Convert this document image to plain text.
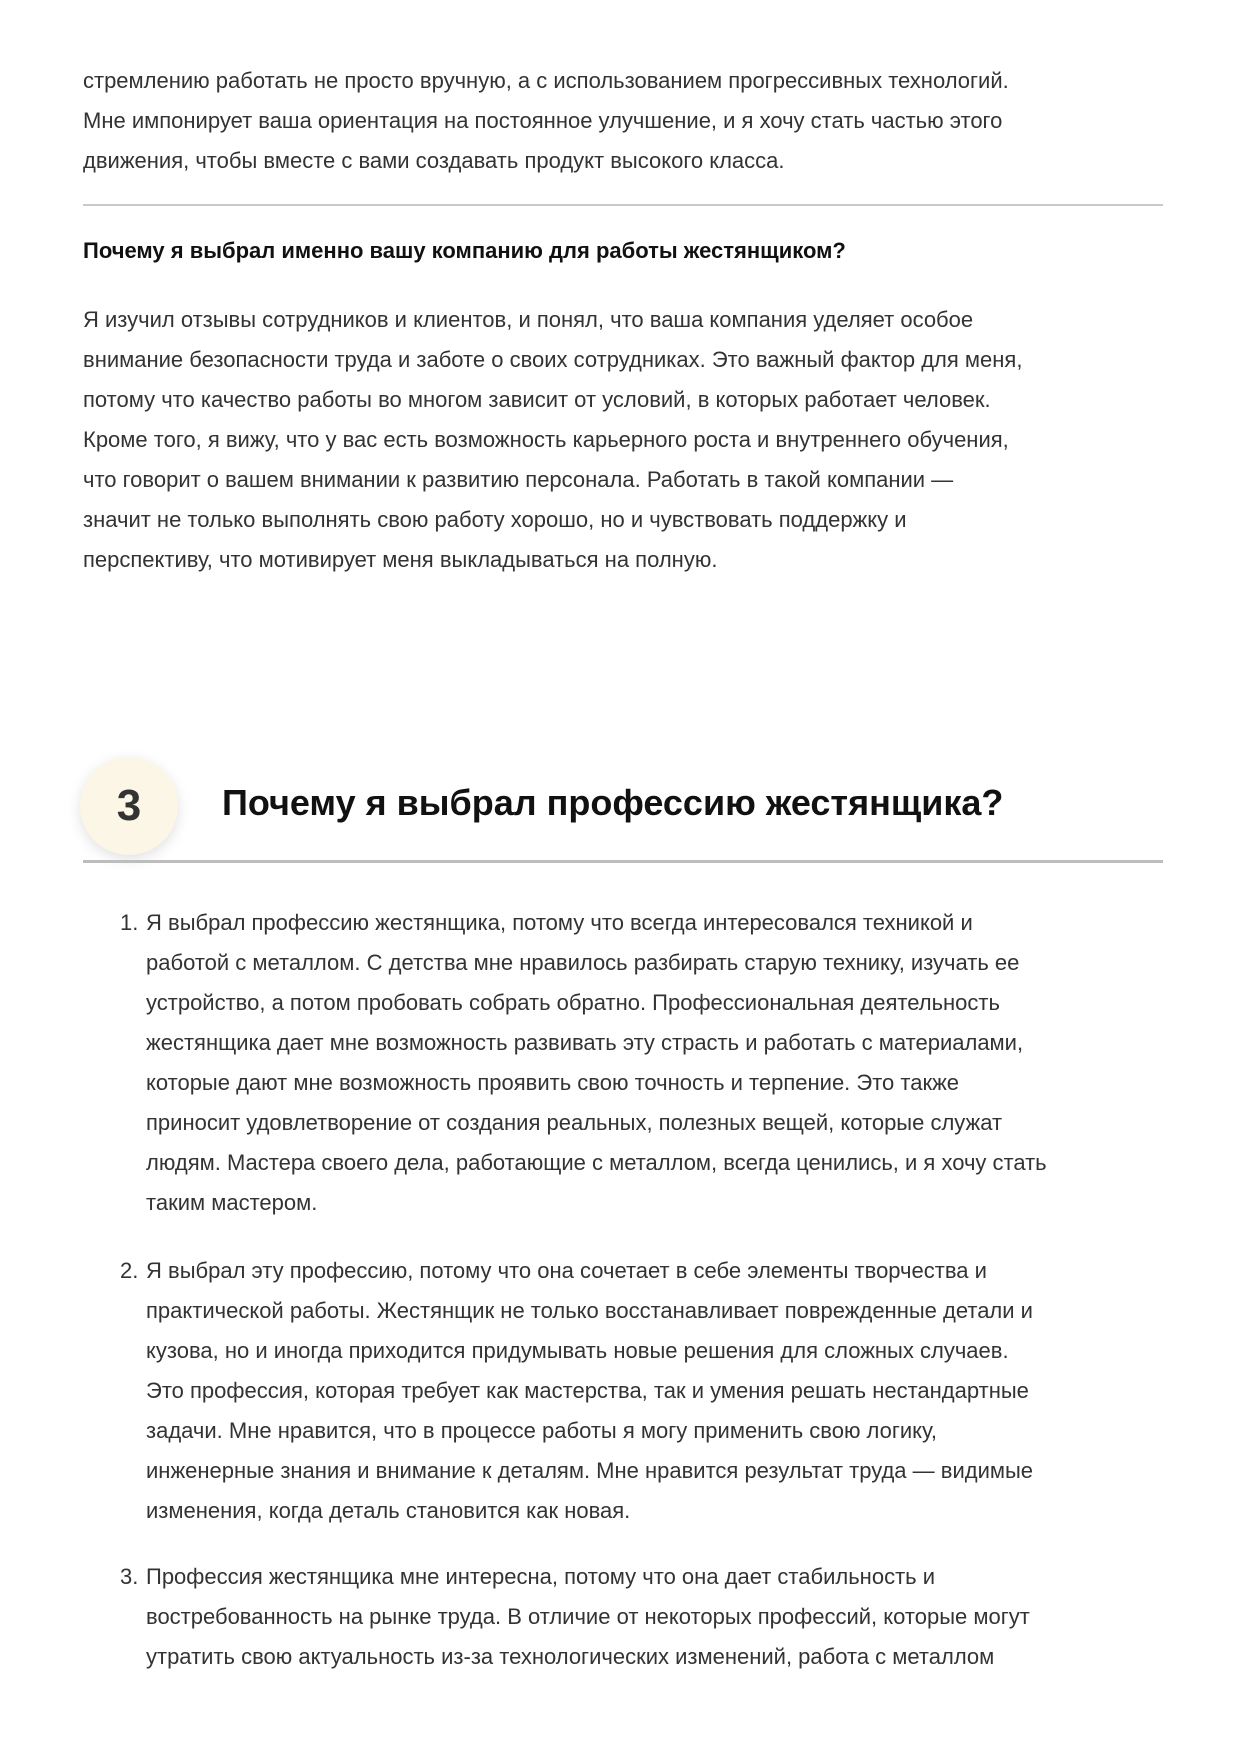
стремлению работать не просто вручную, а с использованием прогрессивных технологий.
Мне импонирует ваша ориентация на постоянное улучшение, и я хочу стать частью этого
движения, чтобы вместе с вами создавать продукт высокого класса.
Почему я выбрал именно вашу компанию для работы жестянщиком?
Я изучил отзывы сотрудников и клиентов, и понял, что ваша компания уделяет особое
внимание безопасности труда и заботе о своих сотрудниках. Это важный фактор для меня,
потому что качество работы во многом зависит от условий, в которых работает человек.
Кроме того, я вижу, что у вас есть возможность карьерного роста и внутреннего обучения,
что говорит о вашем внимании к развитию персонала. Работать в такой компании —
значит не только выполнять свою работу хорошо, но и чувствовать поддержку и
перспективу, что мотивирует меня выкладываться на полную.
3	Почему я выбрал профессию жестянщика?
1. Я выбрал профессию жестянщика, потому что всегда интересовался техникой и
работой с металлом. С детства мне нравилось разбирать старую технику, изучать ее
устройство, а потом пробовать собрать обратно. Профессиональная деятельность
жестянщика дает мне возможность развивать эту страсть и работать с материалами,
которые дают мне возможность проявить свою точность и терпение. Это также
приносит удовлетворение от создания реальных, полезных вещей, которые служат
людям. Мастера своего дела, работающие с металлом, всегда ценились, и я хочу стать
таким мастером.
2. Я выбрал эту профессию, потому что она сочетает в себе элементы творчества и
практической работы. Жестянщик не только восстанавливает поврежденные детали и
кузова, но и иногда приходится придумывать новые решения для сложных случаев.
Это профессия, которая требует как мастерства, так и умения решать нестандартные
задачи. Мне нравится, что в процессе работы я могу применить свою логику,
инженерные знания и внимание к деталям. Мне нравится результат труда — видимые
изменения, когда деталь становится как новая.
3. Профессия жестянщика мне интересна, потому что она дает стабильность и
востребованность на рынке труда. В отличие от некоторых профессий, которые могут
утратить свою актуальность из-за технологических изменений, работа с металлом
